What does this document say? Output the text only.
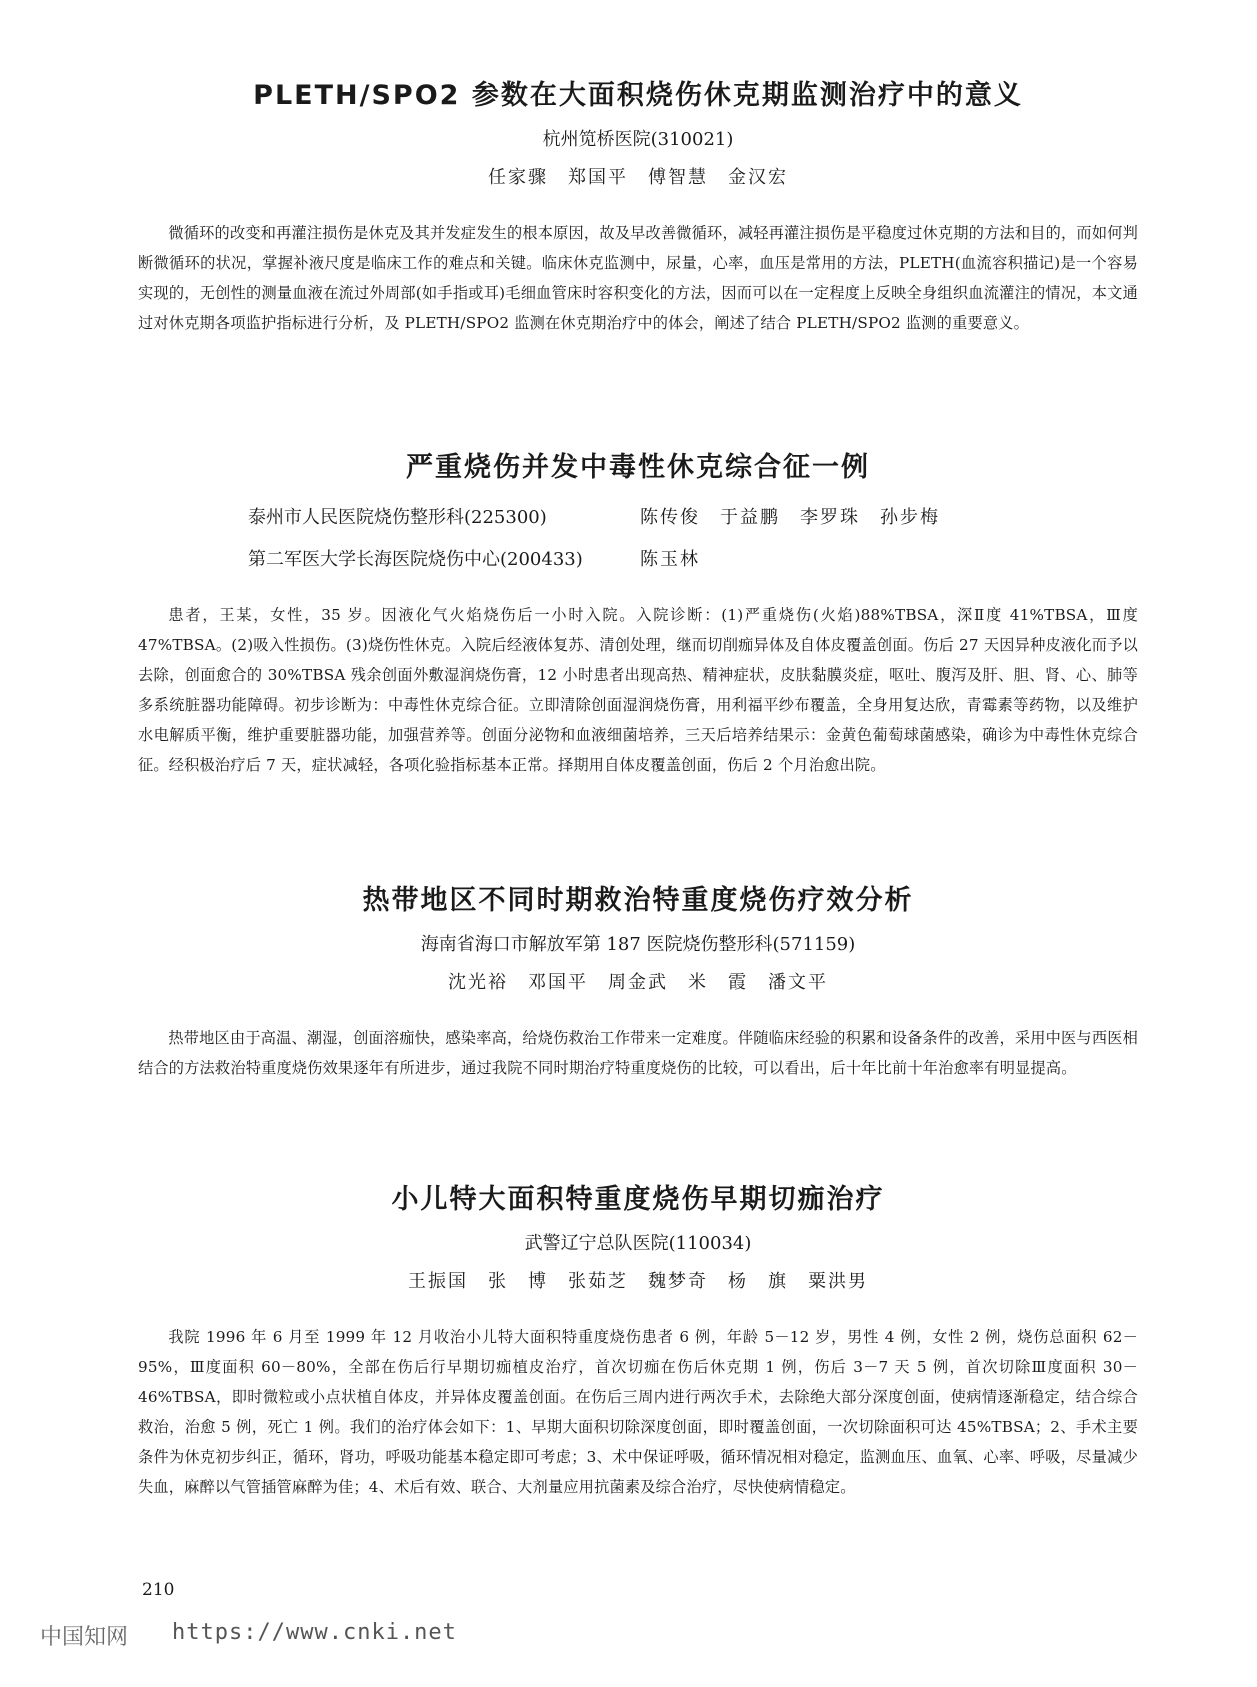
PLETH/SPO2 参数在大面积烧伤休克期监测治疗中的意义
杭州笕桥医院(310021)
任家骤　郑国平　傅智慧　金汉宏

微循环的改变和再灌注损伤是休克及其并发症发生的根本原因，故及早改善微循环，减轻再灌注损伤是平稳度过休克期的方法和目的，而如何判断微循环的状况，掌握补液尺度是临床工作的难点和关键。临床休克监测中，尿量，心率，血压是常用的方法，PLETH(血流容积描记)是一个容易实现的，无创性的测量血液在流过外周部(如手指或耳)毛细血管床时容积变化的方法，因而可以在一定程度上反映全身组织血流灌注的情况，本文通过对休克期各项监护指标进行分析，及 PLETH/SPO2 监测在休克期治疗中的体会，阐述了结合 PLETH/SPO2 监测的重要意义。

严重烧伤并发中毒性休克综合征一例
泰州市人民医院烧伤整形科(225300)	陈传俊　于益鹏　李罗珠　孙步梅
第二军医大学长海医院烧伤中心(200433)	陈玉林

患者，王某，女性，35 岁。因液化气火焰烧伤后一小时入院。入院诊断：(1)严重烧伤(火焰)88%TBSA，深Ⅱ度 41%TBSA，Ⅲ度 47%TBSA。(2)吸入性损伤。(3)烧伤性休克。入院后经液体复苏、清创处理，继而切削痂异体及自体皮覆盖创面。伤后 27 天因异种皮液化而予以去除，创面愈合的 30%TBSA 残余创面外敷湿润烧伤膏，12 小时患者出现高热、精神症状，皮肤黏膜炎症，呕吐、腹泻及肝、胆、肾、心、肺等多系统脏器功能障碍。初步诊断为：中毒性休克综合征。立即清除创面湿润烧伤膏，用利福平纱布覆盖，全身用复达欣，青霉素等药物，以及维护水电解质平衡，维护重要脏器功能，加强营养等。创面分泌物和血液细菌培养，三天后培养结果示：金黄色葡萄球菌感染，确诊为中毒性休克综合征。经积极治疗后 7 天，症状减轻，各项化验指标基本正常。择期用自体皮覆盖创面，伤后 2 个月治愈出院。

热带地区不同时期救治特重度烧伤疗效分析
海南省海口市解放军第 187 医院烧伤整形科(571159)
沈光裕　邓国平　周金武　米　霞　潘文平

热带地区由于高温、潮湿，创面溶痂快，感染率高，给烧伤救治工作带来一定难度。伴随临床经验的积累和设备条件的改善，采用中医与西医相结合的方法救治特重度烧伤效果逐年有所进步，通过我院不同时期治疗特重度烧伤的比较，可以看出，后十年比前十年治愈率有明显提高。

小儿特大面积特重度烧伤早期切痂治疗
武警辽宁总队医院(110034)
王振国　张　博　张茹芝　魏梦奇　杨　旗　粟洪男

我院 1996 年 6 月至 1999 年 12 月收治小儿特大面积特重度烧伤患者 6 例，年龄 5－12 岁，男性 4 例，女性 2 例，烧伤总面积 62－95%，Ⅲ度面积 60－80%，全部在伤后行早期切痂植皮治疗，首次切痂在伤后休克期 1 例，伤后 3－7 天 5 例，首次切除Ⅲ度面积 30－46%TBSA，即时微粒或小点状植自体皮，并异体皮覆盖创面。在伤后三周内进行两次手术，去除绝大部分深度创面，使病情逐渐稳定，结合综合救治，治愈 5 例，死亡 1 例。我们的治疗体会如下：1、早期大面积切除深度创面，即时覆盖创面，一次切除面积可达 45%TBSA；2、手术主要条件为休克初步纠正，循环，肾功，呼吸功能基本稳定即可考虑；3、术中保证呼吸，循环情况相对稳定，监测血压、血氧、心率、呼吸，尽量减少失血，麻醉以气管插管麻醉为佳；4、术后有效、联合、大剂量应用抗菌素及综合治疗，尽快使病情稳定。

210
中国知网 https://www.cnki.net
